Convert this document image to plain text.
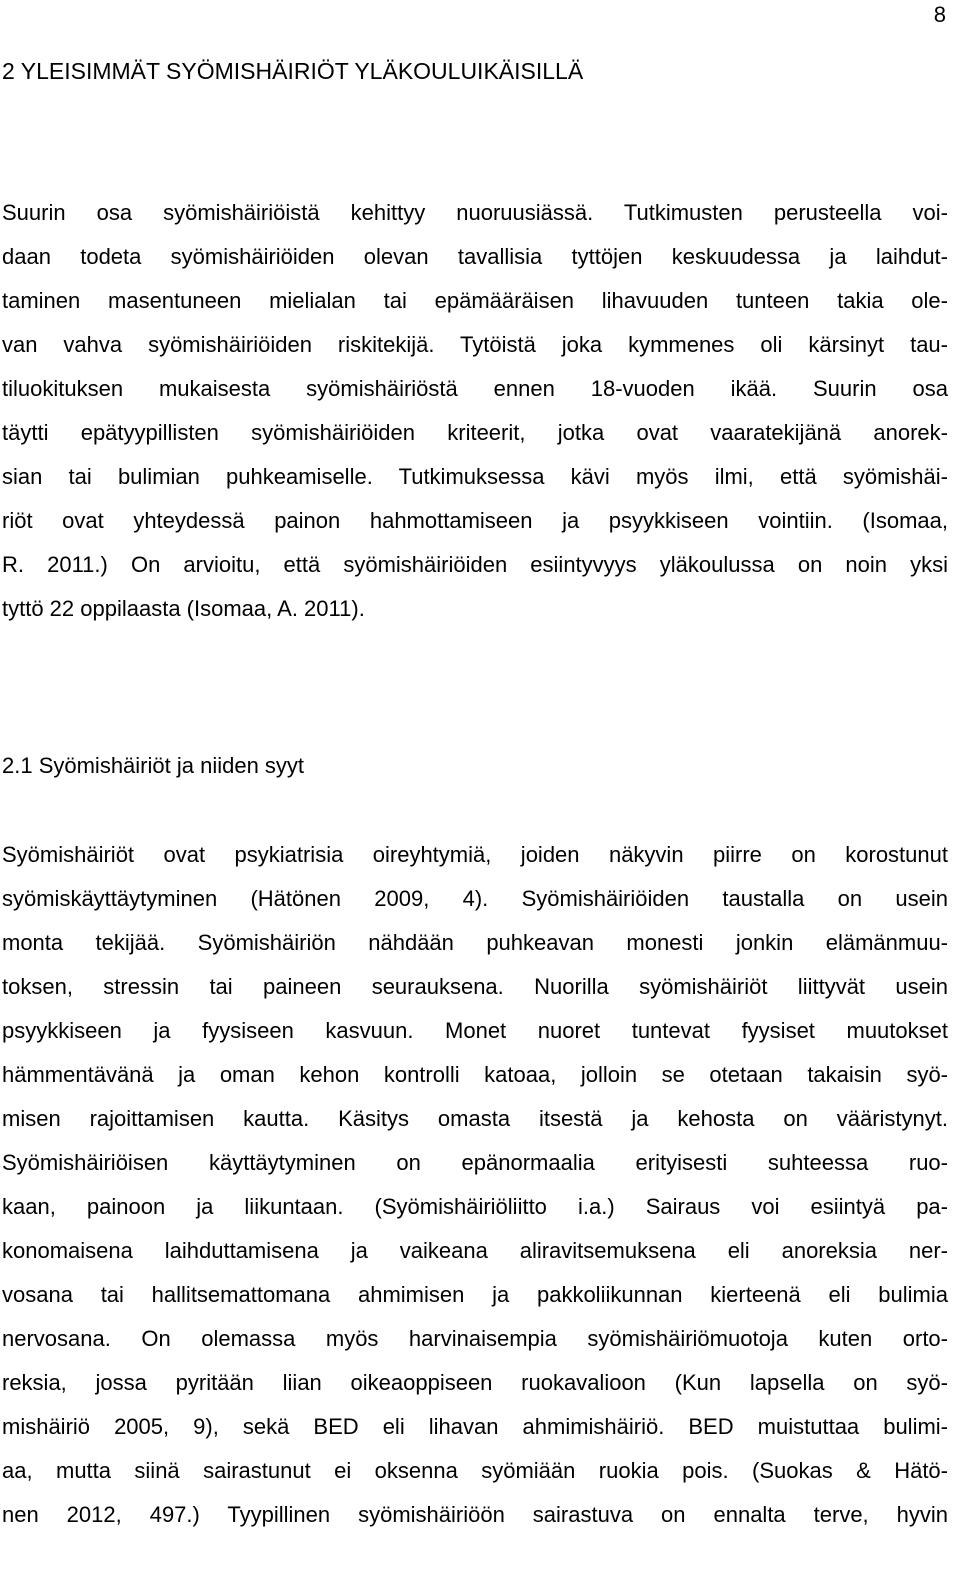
8
2 YLEISIMMÄT SYÖMISHÄIRIÖT YLÄKOULUIKÄISILLÄ
Suurin osa syömishäiriöistä kehittyy nuoruusiässä. Tutkimusten perusteella voi-
daan todeta syömishäiriöiden olevan tavallisia tyttöjen keskuudessa ja laihdut-
taminen masentuneen mielialan tai epämääräisen lihavuuden tunteen takia ole-
van vahva syömishäiriöiden riskitekijä. Tytöistä joka kymmenes oli kärsinyt tau-
tiluokituksen mukaisesta syömishäiriöstä ennen 18-vuoden ikää. Suurin osa
täytti epätyypillisten syömishäiriöiden kriteerit, jotka ovat vaaratekijänä anorek-
sian tai bulimian puhkeamiselle. Tutkimuksessa kävi myös ilmi, että syömishäi-
riöt ovat yhteydessä painon hahmottamiseen ja psyykkiseen vointiin. (Isomaa,
R. 2011.) On arvioitu, että syömishäiriöiden esiintyvyys yläkoulussa on noin yksi
tyttö 22 oppilaasta (Isomaa, A. 2011).
2.1 Syömishäiriöt ja niiden syyt
Syömishäiriöt ovat psykiatrisia oireyhtymiä, joiden näkyvin piirre on korostunut
syömiskäyttäytyminen (Hätönen 2009, 4). Syömishäiriöiden taustalla on usein
monta tekijää. Syömishäiriön nähdään puhkeavan monesti jonkin elämänmuu-
toksen, stressin tai paineen seurauksena. Nuorilla syömishäiriöt liittyvät usein
psyykkiseen ja fyysiseen kasvuun. Monet nuoret tuntevat fyysiset muutokset
hämmentävänä ja oman kehon kontrolli katoaa, jolloin se otetaan takaisin syö-
misen rajoittamisen kautta. Käsitys omasta itsestä ja kehosta on vääristynyt.
Syömishäiriöisen käyttäytyminen on epänormaalia erityisesti suhteessa ruo-
kaan, painoon ja liikuntaan. (Syömishäiriöliitto i.a.) Sairaus voi esiintyä pa-
konomaisena laihduttamisena ja vaikeana aliravitsemuksena eli anoreksia ner-
vosana tai hallitsemattomana ahmimisen ja pakkoliikunnan kierteenä eli bulimia
nervosana. On olemassa myös harvinaisempia syömishäiriömuotoja kuten orto-
reksia, jossa pyritään liian oikeaoppiseen ruokavalioon (Kun lapsella on syö-
mishäiriö 2005, 9), sekä BED eli lihavan ahmimishäiriö. BED muistuttaa bulimi-
aa, mutta siinä sairastunut ei oksenna syömiään ruokia pois. (Suokas & Hätö-
nen 2012, 497.) Tyypillinen syömishäiriöön sairastuva on ennalta terve, hyvin
